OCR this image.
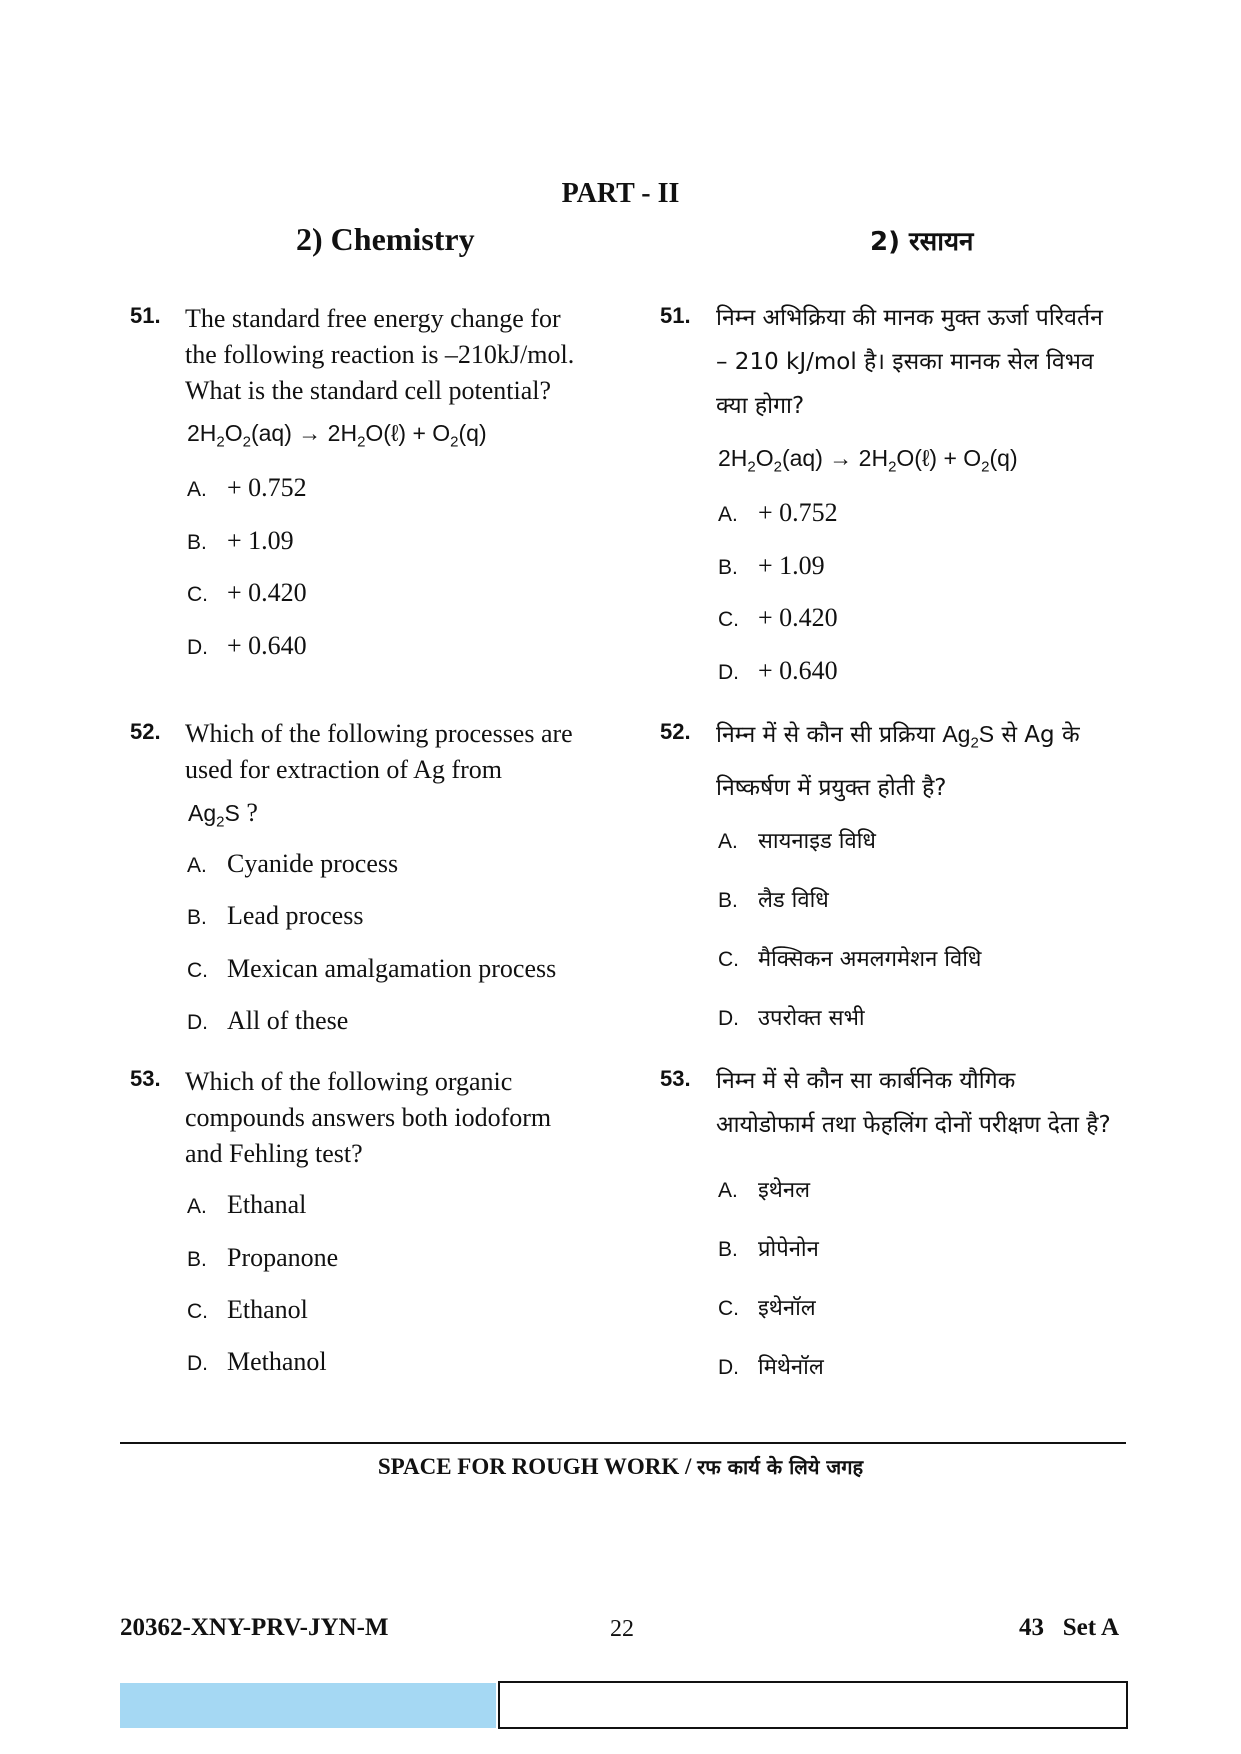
PART - II
2) Chemistry	2) रसायन
51. The standard free energy change for
the following reaction is –210kJ/mol.
What is the standard cell potential?
$2H_2O_2(aq)$ → $2H_2O(\ell) + O_2(q)$
A. + 0.752
B. + 1.09
C. + 0.420
D. + 0.640
51. निम्न अभिक्रिया की मानक मुक्त ऊर्जा परिवर्तन
– 210 kJ/mol है। इसका मानक सेल विभव
क्या होगा?
$2H_2O_2(aq)$ → $2H_2O(\ell) + O_2(q)$
A. + 0.752
B. + 1.09
C. + 0.420
D. + 0.640
52. Which of the following processes are
used for extraction of Ag from
$Ag_2S$ ?
A. Cyanide process
B. Lead process
C. Mexican amalgamation process
D. All of these
52. निम्न में से कौन सी प्रक्रिया $Ag_2S$ से Ag के
निष्कर्षण में प्रयुक्त होती है?
A. सायनाइड विधि
B. लैड विधि
C. मैक्सिकन अमलगमेशन विधि
D. उपरोक्त सभी
53. Which of the following organic
compounds answers both iodoform
and Fehling test?
A. Ethanal
B. Propanone
C. Ethanol
D. Methanol
53. निम्न में से कौन सा कार्बनिक यौगिक
आयोडोफार्म तथा फेहलिंग दोनों परीक्षण देता है?
A. इथेनल
B. प्रोपेनोन
C. इथेनॉल
D. मिथेनॉल
SPACE FOR ROUGH WORK / रफ कार्य के लिये जगह
20362-XNY-PRV-JYN-M	22	43   Set A
